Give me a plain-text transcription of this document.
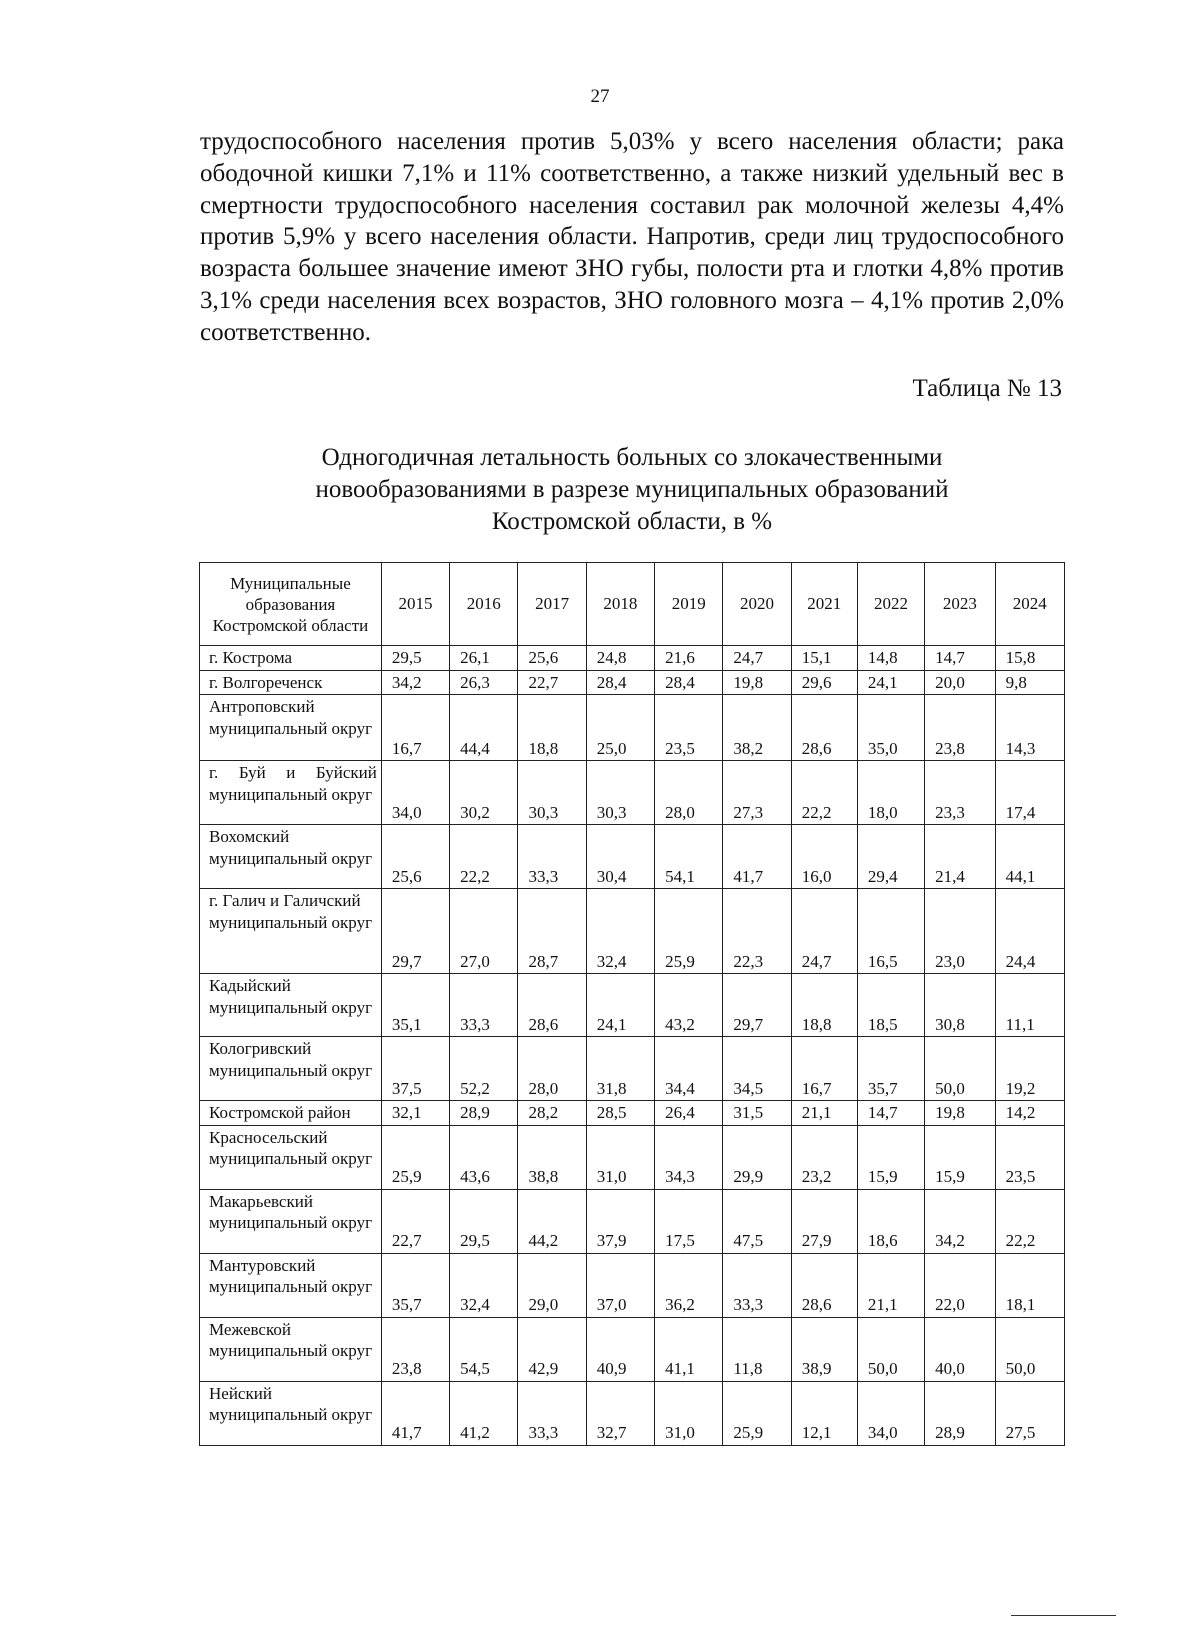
27
трудоспособного населения против 5,03% у всего населения области; рака ободочной кишки 7,1% и 11% соответственно, а также низкий удельный вес в смертности трудоспособного населения составил рак молочной железы 4,4% против 5,9% у всего населения области. Напротив, среди лиц трудоспособного возраста большее значение имеют ЗНО губы, полости рта и глотки 4,8% против 3,1% среди населения всех возрастов, ЗНО головного мозга – 4,1% против 2,0% соответственно.
Таблица № 13
Одногодичная летальность больных со злокачественными
новообразованиями в разрезе муниципальных образований
Костромской области, в %
Муниципальные образования Костромской области	2015	2016	2017	2018	2019	2020	2021	2022	2023	2024
г. Кострома	29,5	26,1	25,6	24,8	21,6	24,7	15,1	14,8	14,7	15,8
г. Волгореченск	34,2	26,3	22,7	28,4	28,4	19,8	29,6	24,1	20,0	9,8
Антроповский муниципальный округ	16,7	44,4	18,8	25,0	23,5	38,2	28,6	35,0	23,8	14,3
г. Буй и Буйский муниципальный округ	34,0	30,2	30,3	30,3	28,0	27,3	22,2	18,0	23,3	17,4
Вохомский муниципальный округ	25,6	22,2	33,3	30,4	54,1	41,7	16,0	29,4	21,4	44,1
г. Галич и Галичский муниципальный округ	29,7	27,0	28,7	32,4	25,9	22,3	24,7	16,5	23,0	24,4
Кадыйский муниципальный округ	35,1	33,3	28,6	24,1	43,2	29,7	18,8	18,5	30,8	11,1
Кологривский муниципальный округ	37,5	52,2	28,0	31,8	34,4	34,5	16,7	35,7	50,0	19,2
Костромской район	32,1	28,9	28,2	28,5	26,4	31,5	21,1	14,7	19,8	14,2
Красносельский муниципальный округ	25,9	43,6	38,8	31,0	34,3	29,9	23,2	15,9	15,9	23,5
Макарьевский муниципальный округ	22,7	29,5	44,2	37,9	17,5	47,5	27,9	18,6	34,2	22,2
Мантуровский муниципальный округ	35,7	32,4	29,0	37,0	36,2	33,3	28,6	21,1	22,0	18,1
Межевской муниципальный округ	23,8	54,5	42,9	40,9	41,1	11,8	38,9	50,0	40,0	50,0
Нейский муниципальный округ	41,7	41,2	33,3	32,7	31,0	25,9	12,1	34,0	28,9	27,5
